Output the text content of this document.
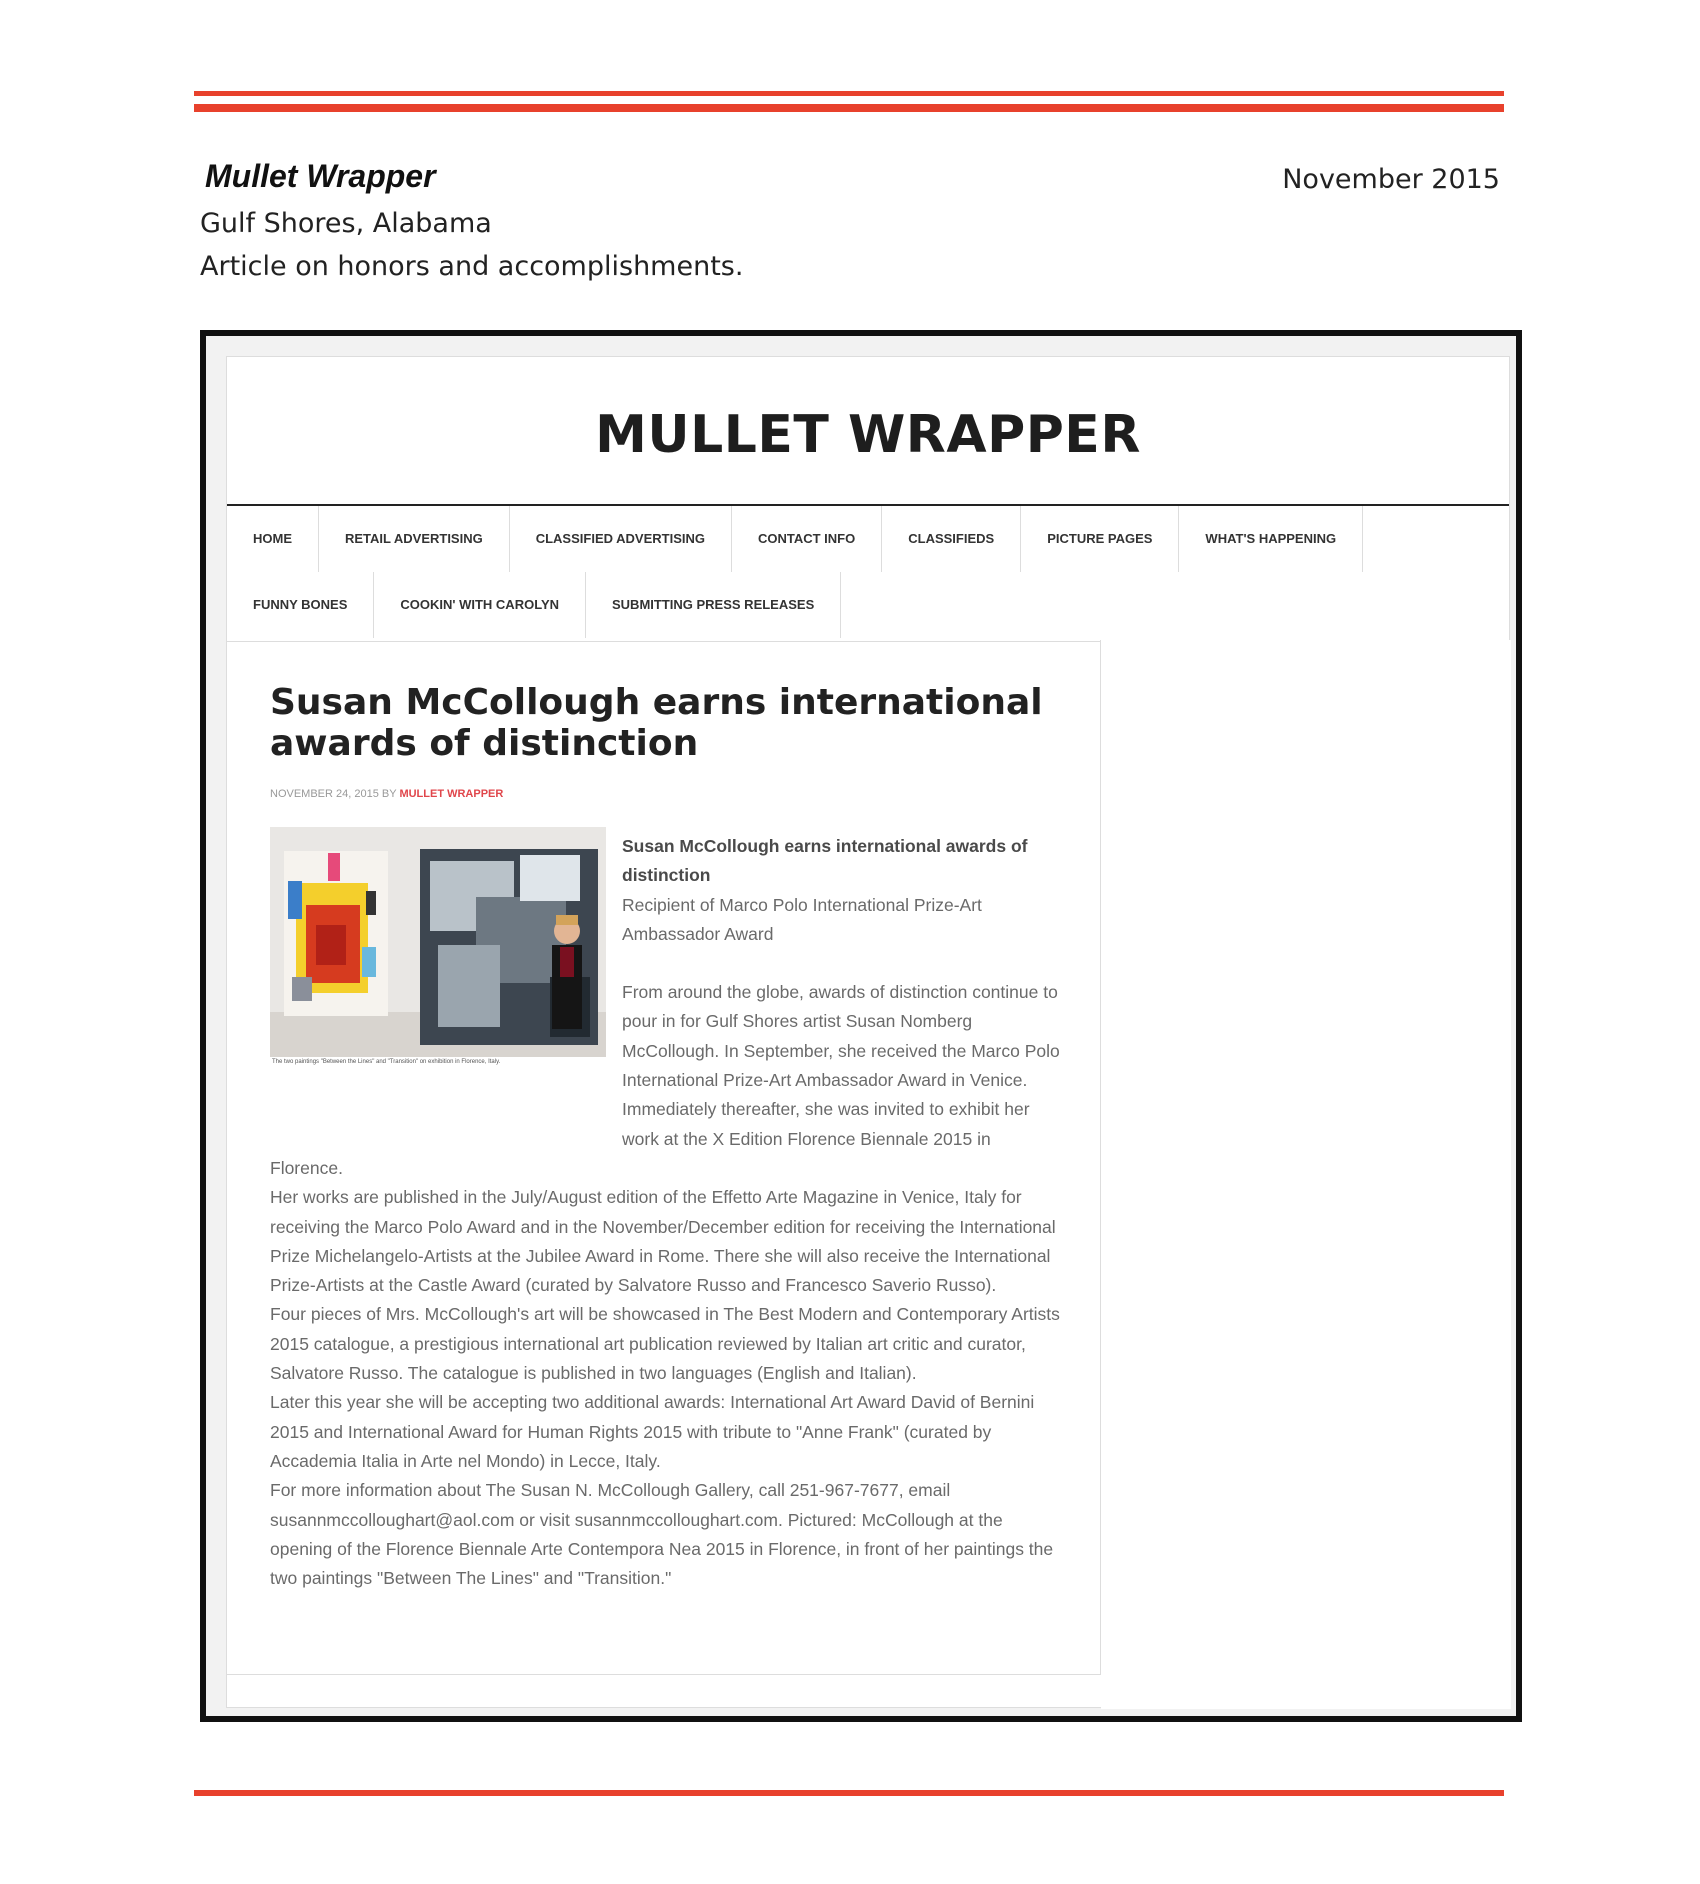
Mullet Wrapper
Gulf Shores, Alabama
Article on honors and accomplishments.
November 2015
MULLET WRAPPER
HOME	RETAIL ADVERTISING	CLASSIFIED ADVERTISING	CONTACT INFO	CLASSIFIEDS	PICTURE PAGES	WHAT'S HAPPENING
FUNNY BONES	COOKIN' WITH CAROLYN	SUBMITTING PRESS RELEASES
Susan McCollough earns international awards of distinction
NOVEMBER 24, 2015 BY MULLET WRAPPER
The two paintings "Between the Lines" and "Transition" on exhibition in Florence, Italy.

Susan McCollough earns international awards of distinction

Recipient of Marco Polo International Prize-Art Ambassador Award

From around the globe, awards of distinction continue to pour in for Gulf Shores artist Susan Nomberg McCollough. In September, she received the Marco Polo International Prize-Art Ambassador Award in Venice. Immediately thereafter, she was invited to exhibit her work at the X Edition Florence Biennale 2015 in Florence.

Her works are published in the July/August edition of the Effetto Arte Magazine in Venice, Italy for receiving the Marco Polo Award and in the November/December edition for receiving the International Prize Michelangelo-Artists at the Jubilee Award in Rome. There she will also receive the International Prize-Artists at the Castle Award (curated by Salvatore Russo and Francesco Saverio Russo).

Four pieces of Mrs. McCollough's art will be showcased in The Best Modern and Contemporary Artists 2015 catalogue, a prestigious international art publication reviewed by Italian art critic and curator, Salvatore Russo. The catalogue is published in two languages (English and Italian).

Later this year she will be accepting two additional awards: International Art Award David of Bernini 2015 and International Award for Human Rights 2015 with tribute to "Anne Frank" (curated by Accademia Italia in Arte nel Mondo) in Lecce, Italy.

For more information about The Susan N. McCollough Gallery, call 251-967-7677, email susannmccolloughart@aol.com or visit susannmccolloughart.com. Pictured: McCollough at the opening of the Florence Biennale Arte Contempora Nea 2015 in Florence, in front of her paintings the two paintings "Between The Lines" and "Transition."
